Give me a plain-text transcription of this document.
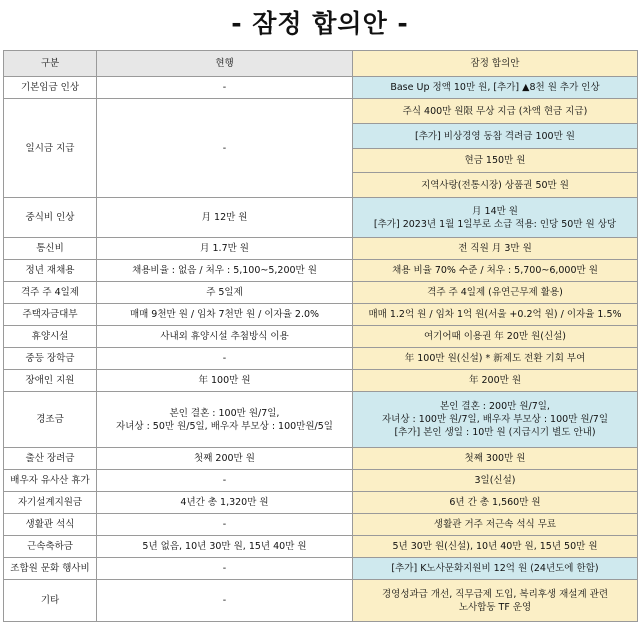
- 잠정 합의안 -
구분	현행	잠정 합의안
기본임금 인상	-	Base Up 정액 10만 원, [추가] ▲8천 원 추가 인상
일시금 지급	-	주식 400만 원限 무상 지급 (차액 현금 지급)
		[추가] 비상경영 동참 격려금 100만 원
		현금 150만 원
		지역사랑(전통시장) 상품권 50만 원
중식비 인상	月 12만 원	月 14만 원
[추가] 2023년 1월 1일부로 소급 적용: 인당 50만 원 상당

통신비	月 1.7만 원	전 직원 月 3만 원
정년 재채용	채용비율 : 없음 / 처우 : 5,100~5,200만 원	채용 비율 70% 수준 / 처우 : 5,700~6,000만 원
격주 주 4일제	주 5일제	격주 주 4일제 (유연근무제 활용)
주택자금대부	매매 9천만 원 / 임차 7천만 원 / 이자율 2.0%	매매 1.2억 원 / 임차 1억 원(서울 +0.2억 원) / 이자율 1.5%
휴양시설	사내외 휴양시설 추첨방식 이용	여기어때 이용권 年 20만 원(신설)
중등 장학금	-	年 100만 원(신설) * 新제도 전환 기회 부여
장애인 지원	年 100만 원	年 200만 원
경조금	본인 결혼 : 100만 원/7일,
자녀상 : 50만 원/5일, 배우자 부모상 : 100만원/5일	본인 결혼 : 200만 원/7일,
자녀상 : 100만 원/7일, 배우자 부모상 : 100만 원/7일
[추가] 본인 생일 : 10만 원 (지급시기 별도 안내)

출산 장려금	첫째 200만 원	첫째 300만 원
배우자 유사산 휴가	-	3일(신설)
자기설계지원금	4년간 총 1,320만 원	6년 간 총 1,560만 원
생활관 석식	-	생활관 거주 저근속 석식 무료
근속축하금	5년 없음, 10년 30만 원, 15년 40만 원	5년 30만 원(신설), 10년 40만 원, 15년 50만 원
조합원 문화 행사비	-	[추가] K노사문화지원비 12억 원 (24년도에 한함)
기타	-	경영성과급 개선, 직무급제 도입, 복리후생 재설계 관련
노사합동 TF 운영
